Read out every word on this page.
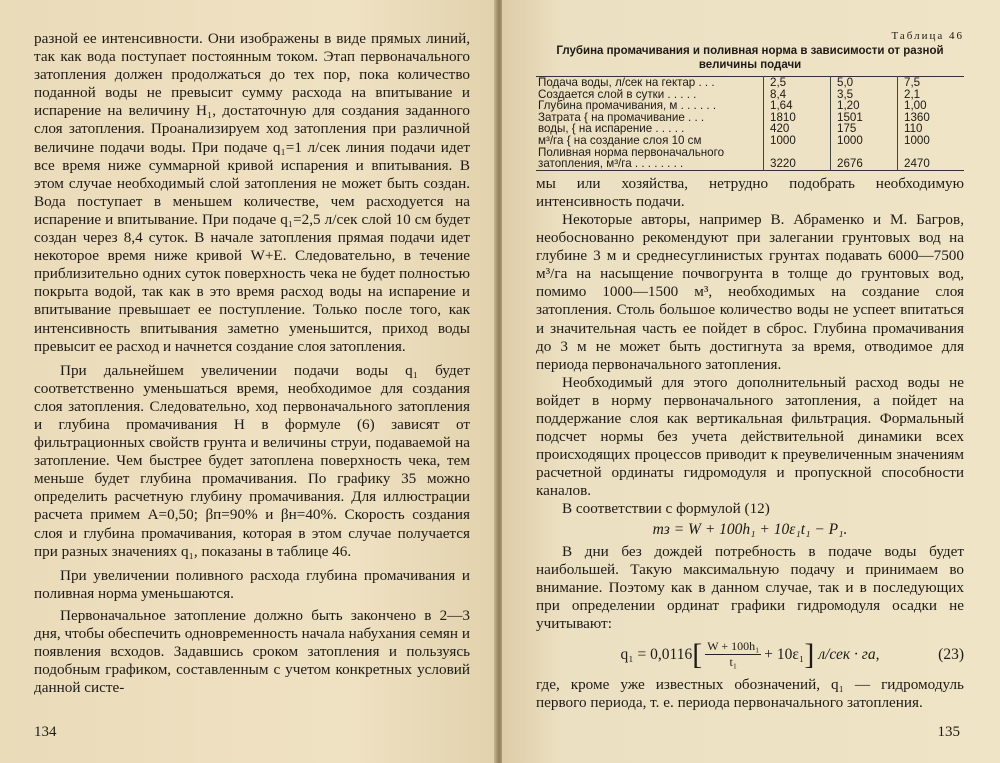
разной ее интенсивности. Они изображены в виде прямых линий, так как вода поступает постоянным током. Этап первоначального затопления должен продолжаться до тех пор, пока количество поданной воды не превысит сумму расхода на впитывание и испарение на величину H₁, достаточную для создания заданного слоя затопления. Проанализируем ход затопления при различной величине подачи воды. При подаче q₁=1 л/сек линия подачи идет все время ниже суммарной кривой испарения и впитывания. В этом случае необходимый слой затопления не может быть создан. Вода поступает в меньшем количестве, чем расходуется на испарение и впитывание. При подаче q₁=2,5 л/сек слой 10 см будет создан через 8,4 суток. В начале затопления прямая подачи идет некоторое время ниже кривой W+E. Следовательно, в течение приблизительно одних суток поверхность чека не будет полностью покрыта водой, так как в это время расход воды на испарение и впитывание превышает ее поступление. Только после того, как интенсивность впитывания заметно уменьшится, приход воды превысит ее расход и начнется создание слоя затопления.

При дальнейшем увеличении подачи воды q₁ будет соответственно уменьшаться время, необходимое для создания слоя затопления. Следовательно, ход первоначального затопления и глубина промачивания H в формуле (6) зависят от фильтрационных свойств грунта и величины струи, подаваемой на затопление. Чем быстрее будет затоплена поверхность чека, тем меньше будет глубина промачивания. По графику 35 можно определить расчетную глубину промачивания. Для иллюстрации расчета примем A=0,50; βп=90% и βн=40%. Скорость создания слоя и глубина промачивания, которая в этом случае получается при разных значениях q₁, показаны в таблице 46.

При увеличении поливного расхода глубина промачивания и поливная норма уменьшаются.

Первоначальное затопление должно быть закончено в 2—3 дня, чтобы обеспечить одновременность начала набухания семян и появления всходов. Задавшись сроком затопления и пользуясь подобным графиком, составленным с учетом конкретных условий данной систе-

134
Таблица 46
Глубина промачивания и поливная норма в зависимости от разной величины подачи
Подача воды, л/сек на гектар . . .	2,5	5,0	7,5
Создается слой в сутки . . . . .	8,4	3,5	2,1
Глубина промачивания, м . . . . . .	1,64	1,20	1,00
Затрата { на промачивание . . .	1810	1501	1360
воды, { на испарение . . . . .	420	175	110
м³/га { на создание слоя 10 см	1000	1000	1000
Поливная норма первоначального			
затопления, м³/га . . . . . . . .	3220	2676	2470

мы или хозяйства, нетрудно подобрать необходимую интенсивность подачи.

Некоторые авторы, например В. Абраменко и М. Багров, необоснованно рекомендуют при залегании грунтовых вод на глубине 3 м и среднесуглинистых грунтах подавать 6000—7500 м³/га на насыщение почвогрунта в толще до грунтовых вод, помимо 1000—1500 м³, необходимых на создание слоя затопления. Столь большое количество воды не успеет впитаться и значительная часть ее пойдет в сброс. Глубина промачивания до 3 м не может быть достигнута за время, отводимое для периода первоначального затопления.

Необходимый для этого дополнительный расход воды не войдет в норму первоначального затопления, а пойдет на поддержание слоя как вертикальная фильтрация. Формальный подсчет нормы без учета действительной динамики всех происходящих процессов приводит к преувеличенным значениям расчетной ординаты гидромодуля и пропускной способности каналов.

В соответствии с формулой (12)

mз = W + 100h₁ + 10ε₁t₁ − P₁.

В дни без дождей потребность в подаче воды будет наибольшей. Такую максимальную подачу и принимаем во внимание. Поэтому как в данном случае, так и в последующих при определении ординат графики гидромодуля осадки не учитывают:

q₁ = 0,0116 [ $\frac{\text{W + 100h₁}}{\text{t₁}} + 10\varepsilon_1$ ] л/сек · га,	(23)

где, кроме уже известных обозначений, q₁ — гидромодуль первого периода, т. е. периода первоначального затопления.

135
